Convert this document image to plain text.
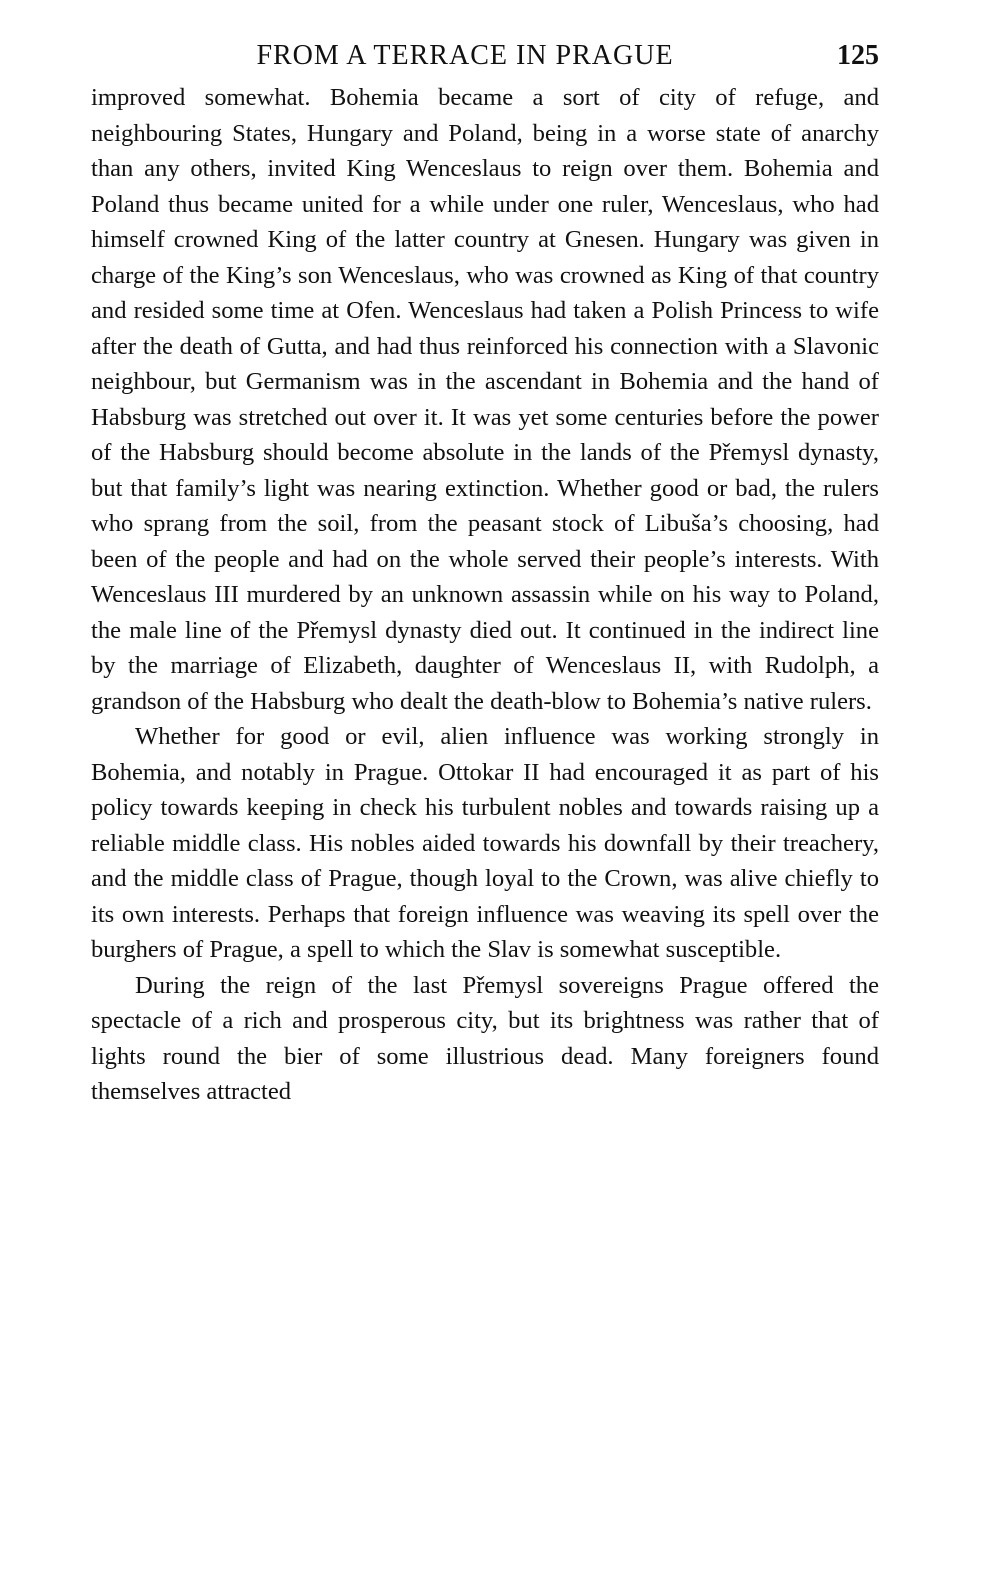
FROM A TERRACE IN PRAGUE	125

improved somewhat. Bohemia became a sort of city of refuge, and neighbouring States, Hungary and Poland, being in a worse state of anarchy than any others, invited King Wenceslaus to reign over them. Bohemia and Poland thus became united for a while under one ruler, Wenceslaus, who had himself crowned King of the latter country at Gnesen. Hungary was given in charge of the King’s son Wenceslaus, who was crowned as King of that country and resided some time at Ofen. Wenceslaus had taken a Polish Princess to wife after the death of Gutta, and had thus reinforced his connection with a Slavonic neighbour, but Germanism was in the ascendant in Bohemia and the hand of Habsburg was stretched out over it. It was yet some centuries before the power of the Habsburg should become absolute in the lands of the Přemysl dynasty, but that family’s light was nearing extinction. Whether good or bad, the rulers who sprang from the soil, from the peasant stock of Libuša’s choosing, had been of the people and had on the whole served their people’s interests. With Wenceslaus III murdered by an unknown assassin while on his way to Poland, the male line of the Přemysl dynasty died out. It continued in the indirect line by the marriage of Elizabeth, daughter of Wenceslaus II, with Rudolph, a grandson of the Habsburg who dealt the death-blow to Bohemia’s native rulers.

Whether for good or evil, alien influence was working strongly in Bohemia, and notably in Prague. Ottokar II had encouraged it as part of his policy towards keeping in check his turbulent nobles and towards raising up a reliable middle class. His nobles aided towards his downfall by their treachery, and the middle class of Prague, though loyal to the Crown, was alive chiefly to its own interests. Perhaps that foreign influence was weaving its spell over the burghers of Prague, a spell to which the Slav is somewhat susceptible.

During the reign of the last Přemysl sovereigns Prague offered the spectacle of a rich and prosperous city, but its brightness was rather that of lights round the bier of some illustrious dead. Many foreigners found themselves attracted
